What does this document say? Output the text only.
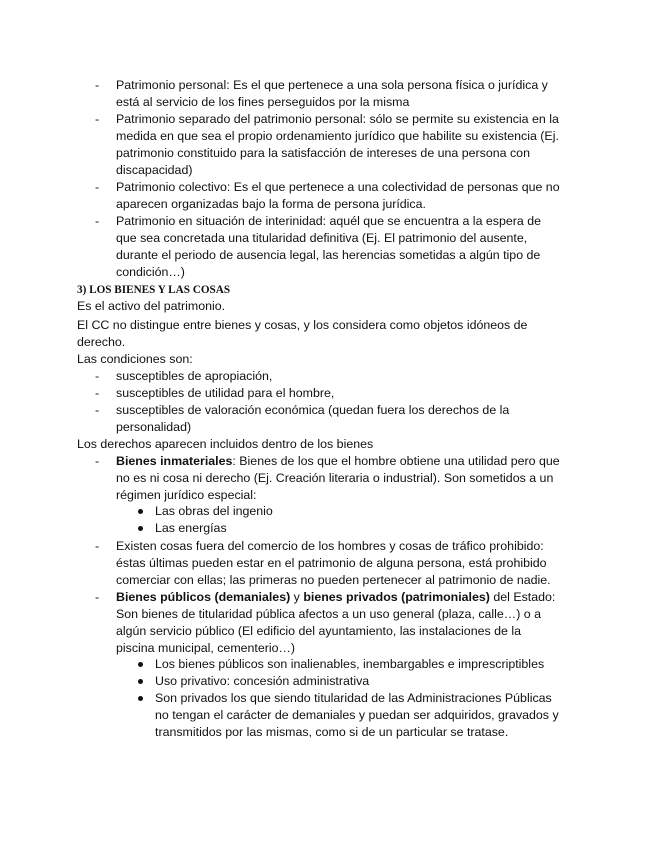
- Patrimonio personal: Es el que pertenece a una sola persona física o jurídica y
está al servicio de los fines perseguidos por la misma
- Patrimonio separado del patrimonio personal: sólo se permite su existencia en la
medida en que sea el propio ordenamiento jurídico que habilite su existencia (Ej.
patrimonio constituido para la satisfacción de intereses de una persona con
discapacidad)
- Patrimonio colectivo: Es el que pertenece a una colectividad de personas que no
aparecen organizadas bajo la forma de persona jurídica.
- Patrimonio en situación de interinidad: aquél que se encuentra a la espera de
que sea concretada una titularidad definitiva (Ej. El patrimonio del ausente,
durante el periodo de ausencia legal, las herencias sometidas a algún tipo de
condición…)
3) LOS BIENES Y LAS COSAS
Es el activo del patrimonio.
El CC no distingue entre bienes y cosas, y los considera como objetos idóneos de
derecho.
Las condiciones son:
- susceptibles de apropiación,
- susceptibles de utilidad para el hombre,
- susceptibles de valoración económica (quedan fuera los derechos de la
personalidad)
Los derechos aparecen incluidos dentro de los bienes
- Bienes inmateriales: Bienes de los que el hombre obtiene una utilidad pero que
no es ni cosa ni derecho (Ej. Creación literaria o industrial). Son sometidos a un
régimen jurídico especial:
Las obras del ingenio
Las energías
- Existen cosas fuera del comercio de los hombres y cosas de tráfico prohibido:
éstas últimas pueden estar en el patrimonio de alguna persona, está prohibido
comerciar con ellas; las primeras no pueden pertenecer al patrimonio de nadie.
- Bienes públicos (demaniales) y bienes privados (patrimoniales) del Estado:
Son bienes de titularidad pública afectos a un uso general (plaza, calle…) o a
algún servicio público (El edificio del ayuntamiento, las instalaciones de la
piscina municipal, cementerio…)
Los bienes públicos son inalienables, inembargables e imprescriptibles
Uso privativo: concesión administrativa
Son privados los que siendo titularidad de las Administraciones Públicas
no tengan el carácter de demaniales y puedan ser adquiridos, gravados y
transmitidos por las mismas, como si de un particular se tratase.
